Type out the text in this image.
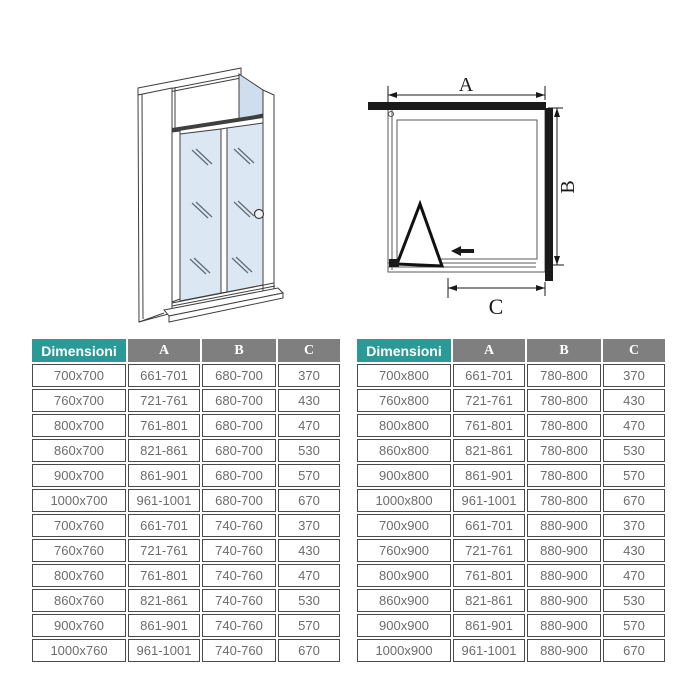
A
B
C
Dimensioni	A	B	C
700x700	661-701	680-700	370
760x700	721-761	680-700	430
800x700	761-801	680-700	470
860x700	821-861	680-700	530
900x700	861-901	680-700	570
1000x700	961-1001	680-700	670
700x760	661-701	740-760	370
760x760	721-761	740-760	430
800x760	761-801	740-760	470
860x760	821-861	740-760	530
900x760	861-901	740-760	570
1000x760	961-1001	740-760	670
Dimensioni	A	B	C
700x800	661-701	780-800	370
760x800	721-761	780-800	430
800x800	761-801	780-800	470
860x800	821-861	780-800	530
900x800	861-901	780-800	570
1000x800	961-1001	780-800	670
700x900	661-701	880-900	370
760x900	721-761	880-900	430
800x900	761-801	880-900	470
860x900	821-861	880-900	530
900x900	861-901	880-900	570
1000x900	961-1001	880-900	670
